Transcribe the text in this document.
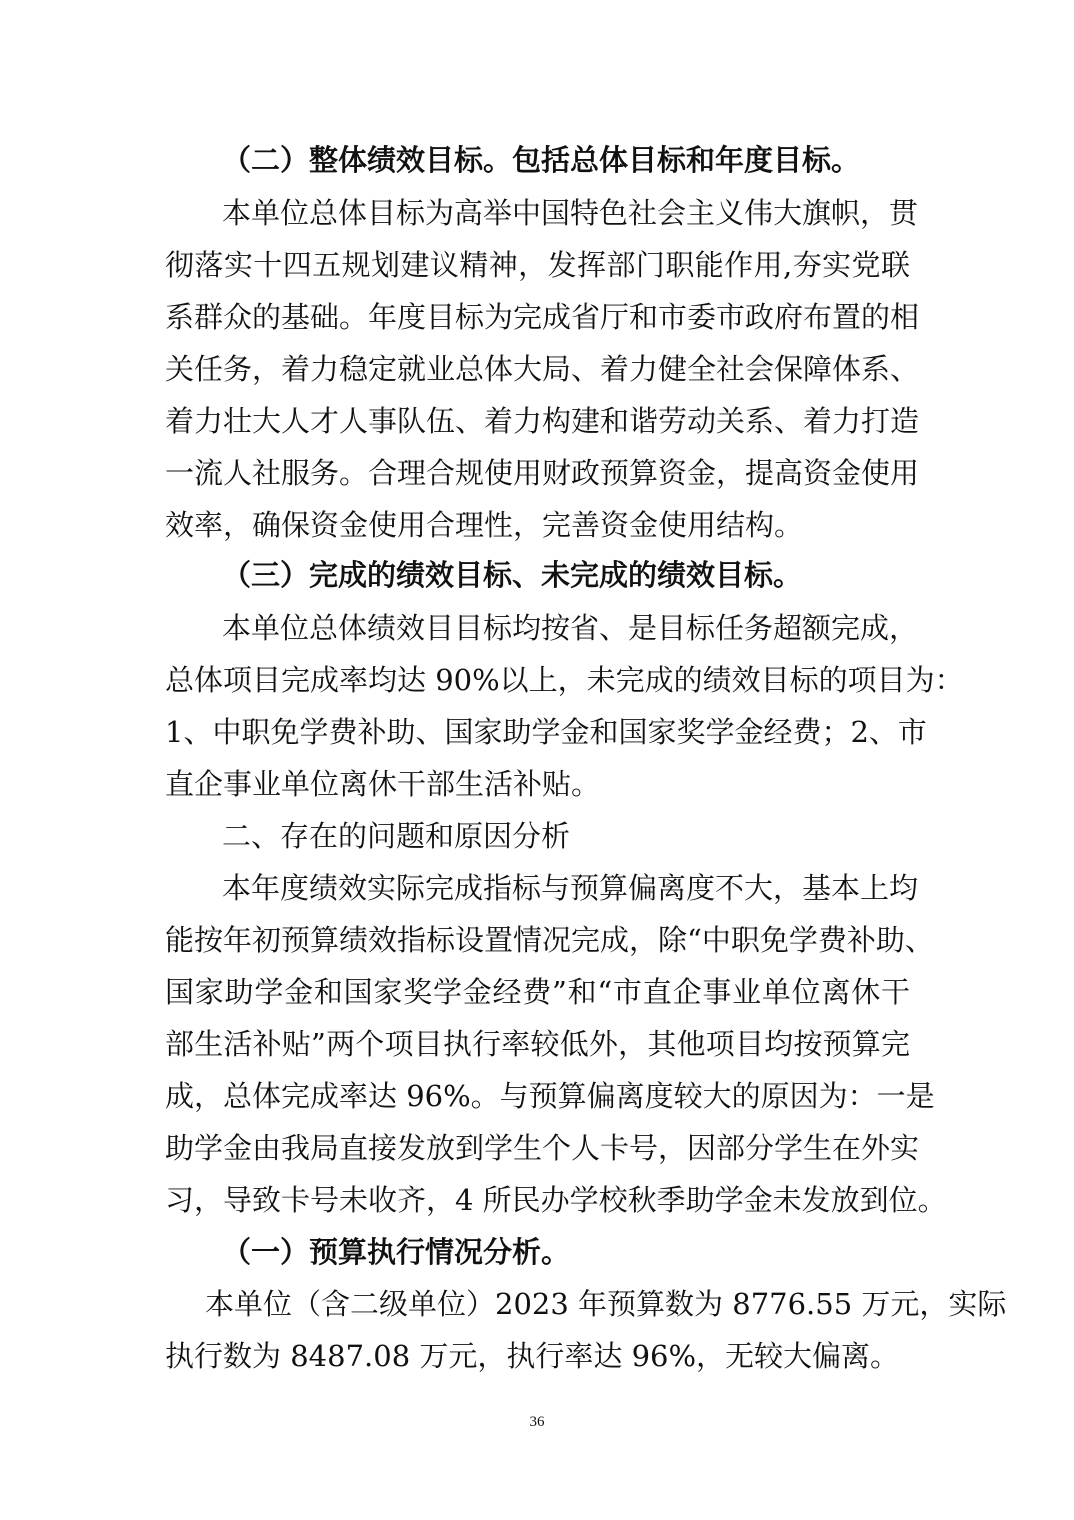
（二）整体绩效目标。包括总体目标和年度目标。
本单位总体目标为高举中国特色社会主义伟大旗帜，贯
彻落实十四五规划建议精神，发挥部门职能作用,夯实党联
系群众的基础。年度目标为完成省厅和市委市政府布置的相
关任务，着力稳定就业总体大局、着力健全社会保障体系、
着力壮大人才人事队伍、着力构建和谐劳动关系、着力打造
一流人社服务。合理合规使用财政预算资金，提高资金使用
效率，确保资金使用合理性，完善资金使用结构。
（三）完成的绩效目标、未完成的绩效目标。
本单位总体绩效目目标均按省、是目标任务超额完成，
总体项目完成率均达 90%以上，未完成的绩效目标的项目为：
1、中职免学费补助、国家助学金和国家奖学金经费；2、市
直企事业单位离休干部生活补贴。
二、存在的问题和原因分析
本年度绩效实际完成指标与预算偏离度不大，基本上均
能按年初预算绩效指标设置情况完成，除“中职免学费补助、
国家助学金和国家奖学金经费”和“市直企事业单位离休干
部生活补贴”两个项目执行率较低外，其他项目均按预算完
成，总体完成率达 96%。与预算偏离度较大的原因为：一是
助学金由我局直接发放到学生个人卡号，因部分学生在外实
习，导致卡号未收齐，4 所民办学校秋季助学金未发放到位。
（一）预算执行情况分析。
本单位（含二级单位）2023 年预算数为 8776.55 万元，实际
执行数为 8487.08 万元，执行率达 96%，无较大偏离。
36
